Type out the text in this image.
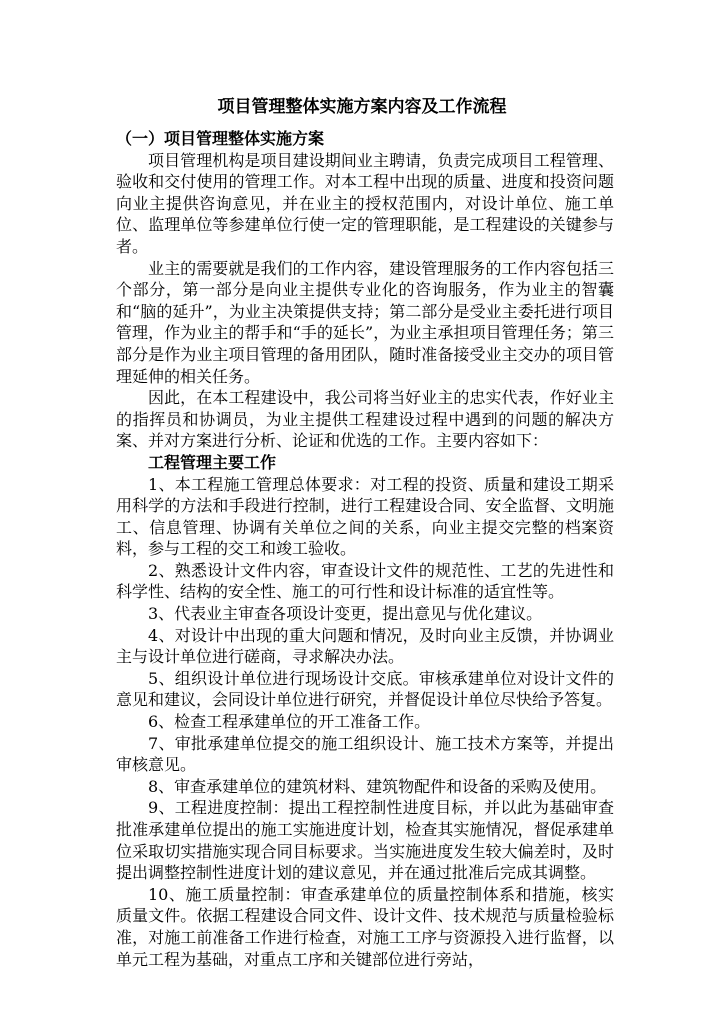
项目管理整体实施方案内容及工作流程
（一）项目管理整体实施方案

项目管理机构是项目建设期间业主聘请，负责完成项目工程管理、验收和交付使用的管理工作。对本工程中出现的质量、进度和投资问题向业主提供咨询意见，并在业主的授权范围内，对设计单位、施工单位、监理单位等参建单位行使一定的管理职能，是工程建设的关键参与者。

业主的需要就是我们的工作内容，建设管理服务的工作内容包括三个部分，第一部分是向业主提供专业化的咨询服务，作为业主的智囊和“脑的延升”，为业主决策提供支持；第二部分是受业主委托进行项目管理，作为业主的帮手和“手的延长”，为业主承担项目管理任务；第三部分是作为业主项目管理的备用团队，随时准备接受业主交办的项目管理延伸的相关任务。

因此，在本工程建设中，我公司将当好业主的忠实代表，作好业主的指挥员和协调员，为业主提供工程建设过程中遇到的问题的解决方案、并对方案进行分析、论证和优选的工作。主要内容如下：

工程管理主要工作

1、本工程施工管理总体要求：对工程的投资、质量和建设工期采用科学的方法和手段进行控制，进行工程建设合同、安全监督、文明施工、信息管理、协调有关单位之间的关系，向业主提交完整的档案资料，参与工程的交工和竣工验收。

2、熟悉设计文件内容，审查设计文件的规范性、工艺的先进性和科学性、结构的安全性、施工的可行性和设计标准的适宜性等。

3、代表业主审查各项设计变更，提出意见与优化建议。

4、对设计中出现的重大问题和情况，及时向业主反馈，并协调业主与设计单位进行磋商，寻求解决办法。

5、组织设计单位进行现场设计交底。审核承建单位对设计文件的意见和建议，会同设计单位进行研究，并督促设计单位尽快给予答复。

6、检查工程承建单位的开工准备工作。

7、审批承建单位提交的施工组织设计、施工技术方案等，并提出审核意见。

8、审查承建单位的建筑材料、建筑物配件和设备的采购及使用。

9、工程进度控制：提出工程控制性进度目标，并以此为基础审查批准承建单位提出的施工实施进度计划，检查其实施情况，督促承建单位采取切实措施实现合同目标要求。当实施进度发生较大偏差时，及时提出调整控制性进度计划的建议意见，并在通过批准后完成其调整。

10、施工质量控制：审查承建单位的质量控制体系和措施，核实质量文件。依据工程建设合同文件、设计文件、技术规范与质量检验标准，对施工前准备工作进行检查，对施工工序与资源投入进行监督，以单元工程为基础，对重点工序和关键部位进行旁站，
